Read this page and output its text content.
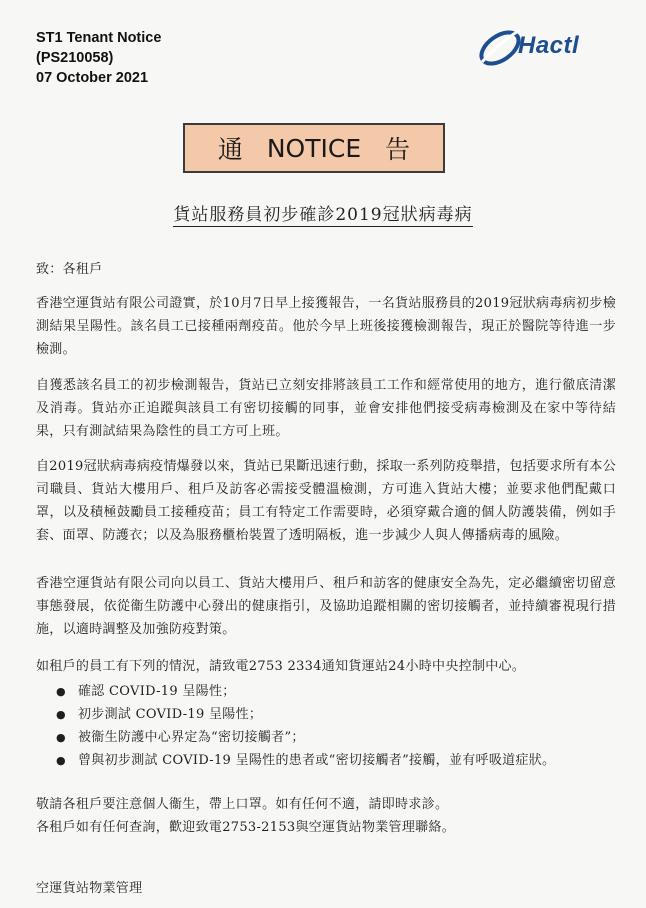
ST1 Tenant Notice
(PS210058)
07 October 2021
Hactl
通 NOTICE 告
貨站服務員初步確診2019冠狀病毒病
致：各租戶
香港空運貨站有限公司證實，於10月7日早上接獲報告，一名貨站服務員的2019冠狀病毒病初步檢測結果呈陽性。該名員工已接種兩劑疫苗。他於今早上班後接獲檢測報告，現正於醫院等待進一步檢測。
自獲悉該名員工的初步檢測報告，貨站已立刻安排將該員工工作和經常使用的地方，進行徹底清潔及消毒。貨站亦正追蹤與該員工有密切接觸的同事，並會安排他們接受病毒檢測及在家中等待結果，只有測試結果為陰性的員工方可上班。
自2019冠狀病毒病疫情爆發以來，貨站已果斷迅速行動，採取一系列防疫舉措，包括要求所有本公司職員、貨站大樓用戶、租戶及訪客必需接受體溫檢測，方可進入貨站大樓；並要求他們配戴口罩，以及積極鼓勵員工接種疫苗；員工有特定工作需要時，必須穿戴合適的個人防護裝備，例如手套、面罩、防護衣；以及為服務櫃枱裝置了透明隔板，進一步減少人與人傳播病毒的風險。
香港空運貨站有限公司向以員工、貨站大樓用戶、租戶和訪客的健康安全為先，定必繼續密切留意事態發展，依從衞生防護中心發出的健康指引，及協助追蹤相關的密切接觸者，並持續審視現行措施，以適時調整及加強防疫對策。
如租戶的員工有下列的情況，請致電2753 2334通知貨運站24小時中央控制中心。
● 確認 COVID-19 呈陽性；
● 初步測試 COVID-19 呈陽性；
● 被衞生防護中心界定為“密切接觸者”；
● 曾與初步測試 COVID-19 呈陽性的患者或“密切接觸者”接觸，並有呼吸道症狀。
敬請各租戶要注意個人衞生，帶上口罩。如有任何不適，請即時求診。
各租戶如有任何查詢，歡迎致電2753-2153與空運貨站物業管理聯絡。
空運貨站物業管理
